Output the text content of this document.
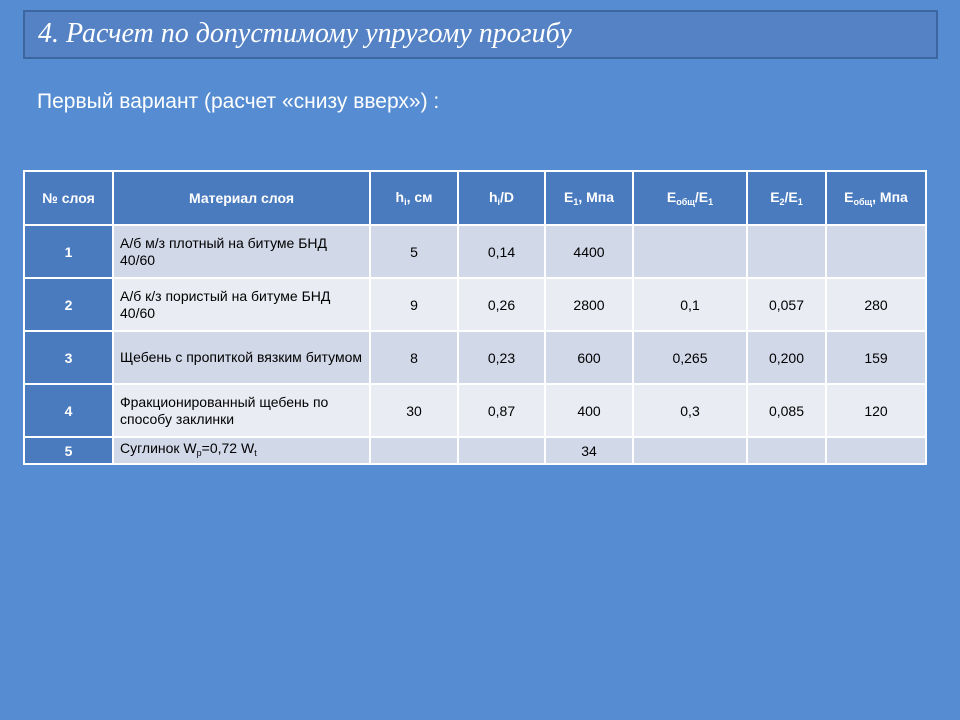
4. Расчет по допустимому упругому прогибу
Первый вариант (расчет «снизу вверх») :
№ слоя	Материал слоя	$h_i$, см	$h_i/D$	$E_1$, Мпа	$E_{общ}/E_1$	$E_2/E_1$	$E_{общ}$, Мпа
1	А/б м/з плотный на битуме БНД 40/60	5	0,14	4400			
2	А/б к/з пористый на битуме БНД 40/60	9	0,26	2800	0,1	0,057	280
3	Щебень с пропиткой вязким битумом	8	0,23	600	0,265	0,200	159
4	Фракционированный щебень по способу заклинки	30	0,87	400	0,3	0,085	120
5	Суглинок $W_р=0,72$ $W_t$			34			
